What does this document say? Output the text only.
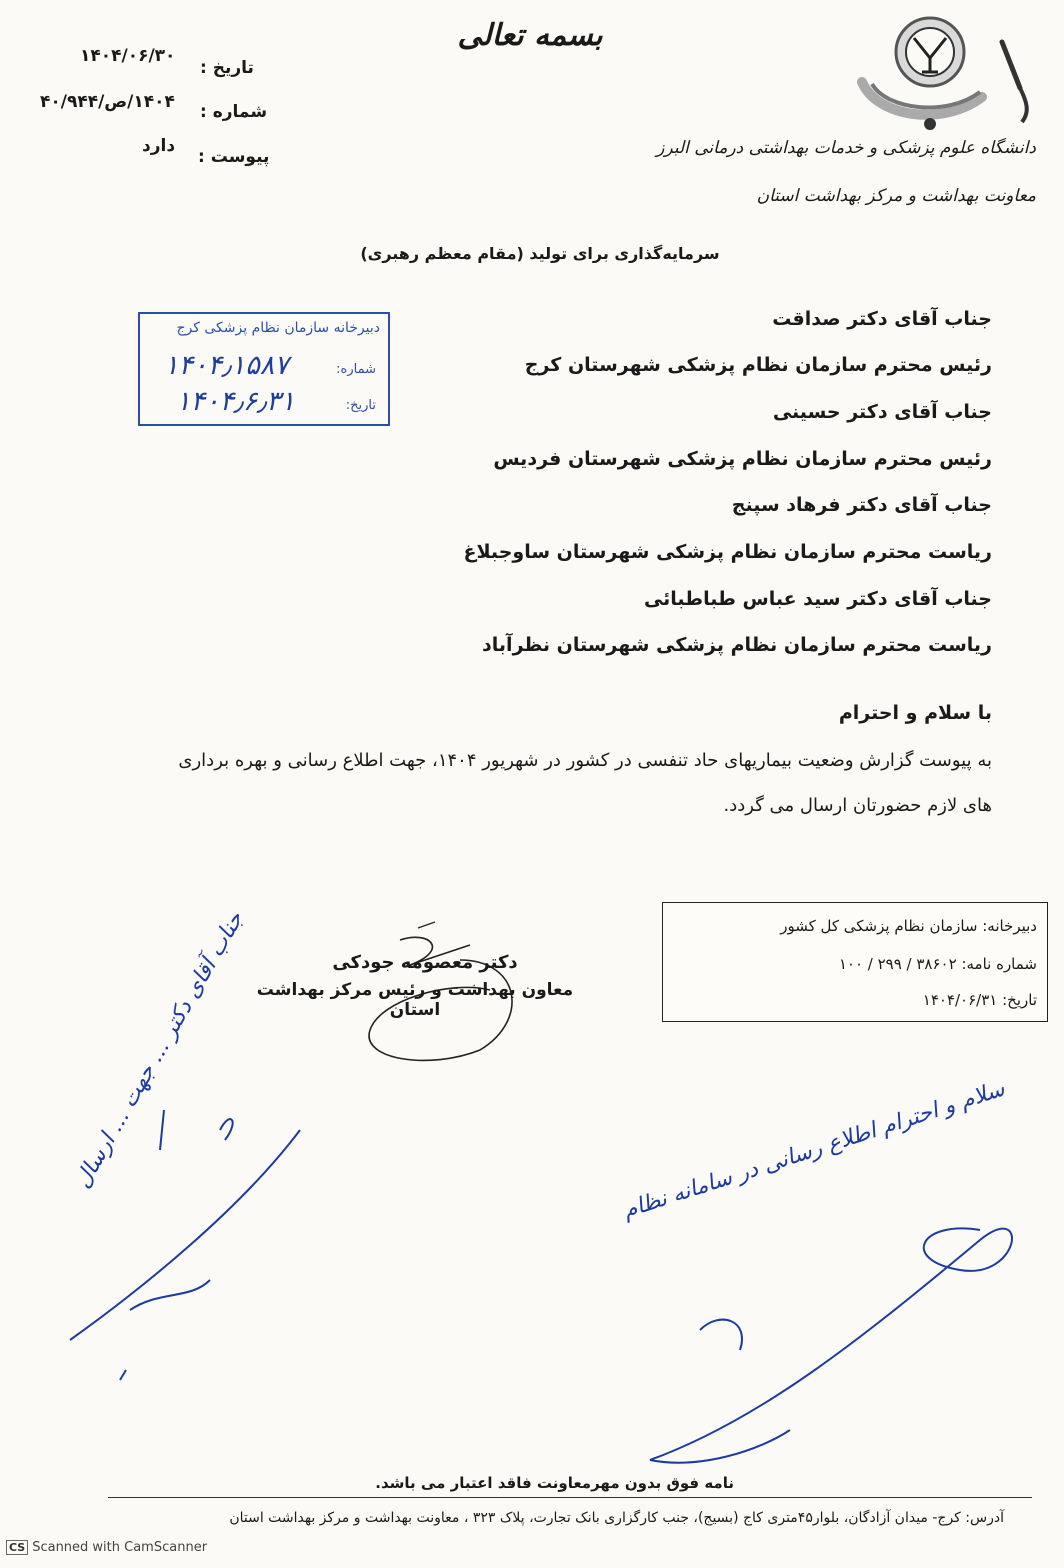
بسمه تعالی
تاریخ :
۱۴۰۴/۰۶/۳۰
شماره :
۱۴۰۴/ص/۴۰/۹۴۴
پیوست :
دارد	دانشگاه علوم پزشکی و خدمات بهداشتی درمانی البرز
معاونت بهداشت و مرکز بهداشت استان
سرمایه‌گذاری برای تولید (مقام معظم رهبری)
دبیرخانه سازمان نظام پزشکی کرج
شماره:
۱۴۰۴٫۱۵۸۷
تاریخ:
۱۴۰۴٫۶٫۳۱
جناب آقای دکتر صداقت
رئیس محترم سازمان نظام پزشکی شهرستان کرج
جناب آقای دکتر حسینی
رئیس محترم سازمان نظام پزشکی شهرستان فردیس
جناب آقای دکتر فرهاد سپنج
ریاست محترم سازمان نظام پزشکی شهرستان ساوجبلاغ
جناب آقای دکتر سید عباس طباطبائی
ریاست محترم سازمان نظام پزشکی شهرستان نظرآباد
با سلام و احترام
به پیوست گزارش وضعیت بیماریهای حاد تنفسی در کشور در شهریور ۱۴۰۴، جهت اطلاع رسانی و بهره برداری
های لازم حضورتان ارسال می گردد.
دبیرخانه: سازمان نظام پزشکی کل کشور
شماره نامه: ۳۸۶۰۲ / ۲۹۹ / ۱۰۰
تاریخ: ۱۴۰۴/۰۶/۳۱
دکتر معصومه جودکی
معاون بهداشت و رئیس مرکز بهداشت استان
جناب آقای دکتر ... جهت ... ارسال	سلام و احترام اطلاع رسانی در سامانه نظام
نامه فوق بدون مهرمعاونت فاقد اعتبار می باشد.
آدرس: کرج- میدان آزادگان، بلوار۴۵متری کاج (بسیج)، جنب کارگزاری بانک تجارت، پلاک ۳۲۳ ، معاونت بهداشت و مرکز بهداشت استان
CS Scanned with CamScanner
